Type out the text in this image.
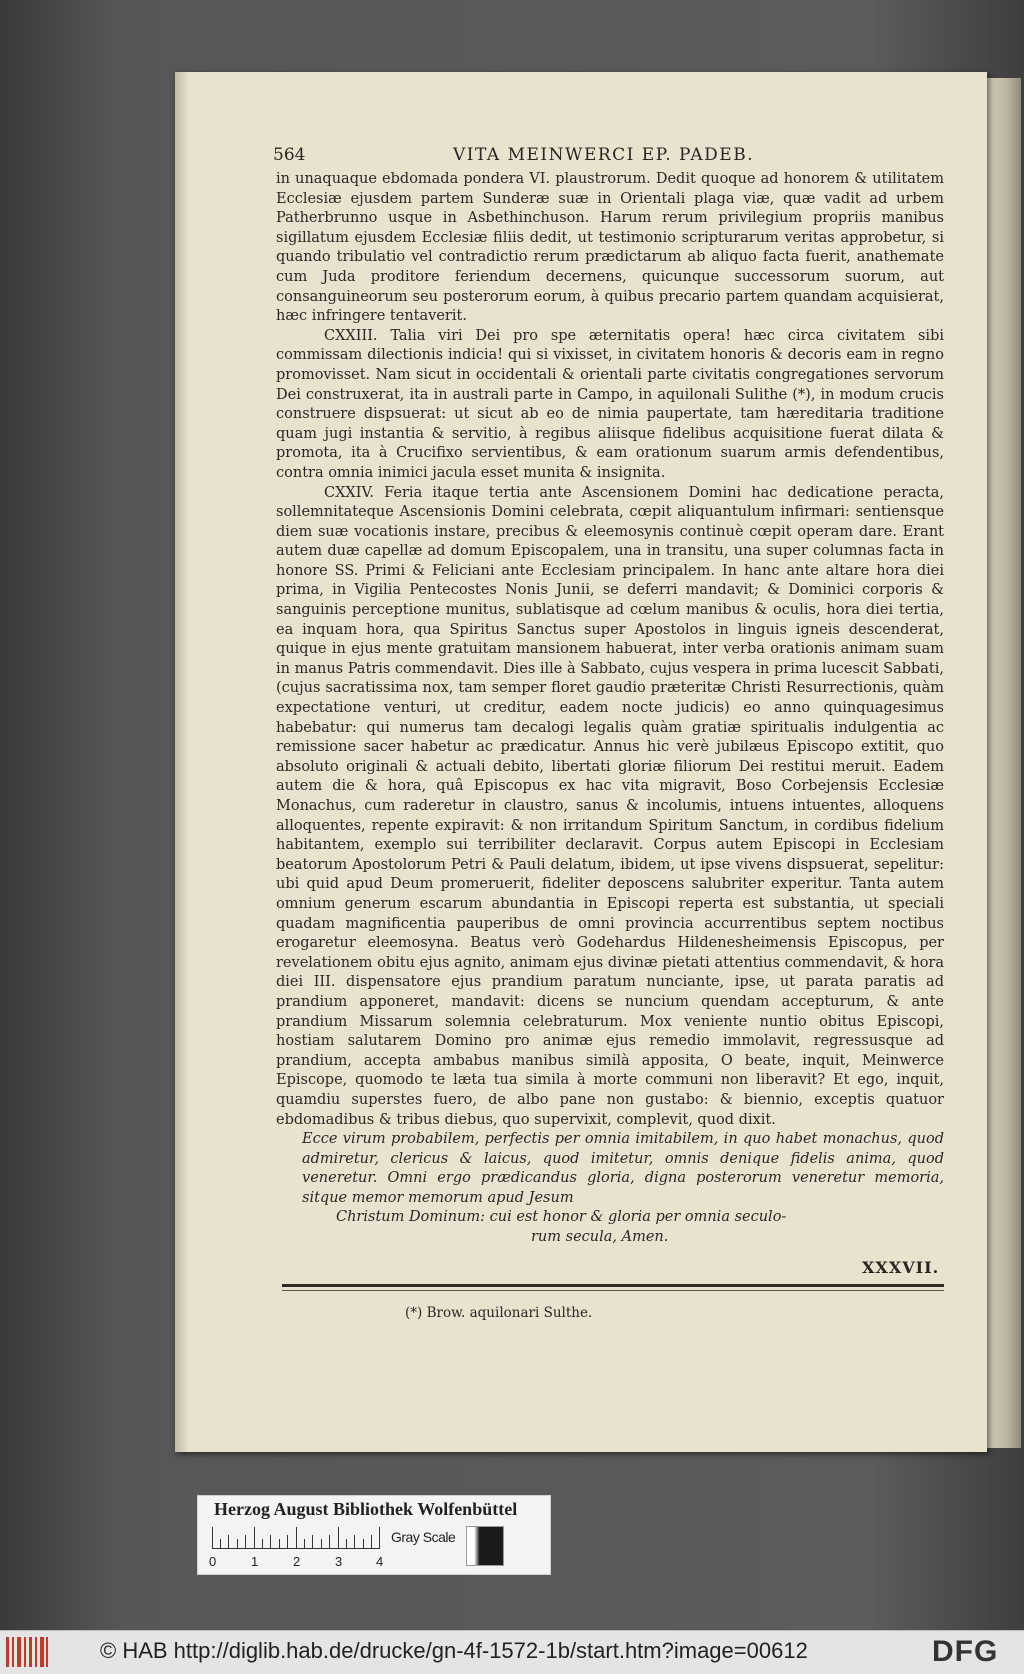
564	VITA MEINWERCI EP. PADEB.

in unaquaque ebdomada pondera VI. plaustrorum. Dedit quoque ad honorem & utilitatem Ecclesiæ ejusdem partem Sunderæ suæ in Orientali plaga viæ, quæ vadit ad urbem Patherbrunno usque in Asbethinchuson. Harum rerum privilegium propriis manibus sigillatum ejusdem Ecclesiæ filiis dedit, ut testimonio scripturarum veritas approbetur, si quando tribulatio vel contradictio rerum prædictarum ab aliquo facta fuerit, anathemate cum Juda proditore feriendum decernens, quicunque successorum suorum, aut consanguineorum seu posterorum eorum, à quibus precario partem quandam acquisierat, hæc infringere tentaverit.

CXXIII. Talia viri Dei pro spe æternitatis opera! hæc circa civitatem sibi commissam dilectionis indicia! qui si vixisset, in civitatem honoris & decoris eam in regno promovisset. Nam sicut in occidentali & orientali parte civitatis congregationes servorum Dei construxerat, ita in australi parte in Campo, in aquilonali Sulithe (*), in modum crucis construere dispsuerat: ut sicut ab eo de nimia paupertate, tam hæreditaria traditione quam jugi instantia & servitio, à regibus aliisque fidelibus acquisitione fuerat dilata & promota, ita à Crucifixo servientibus, & eam orationum suarum armis defendentibus, contra omnia inimici jacula esset munita & insignita.

CXXIV. Feria itaque tertia ante Ascensionem Domini hac dedicatione peracta, sollemnitateque Ascensionis Domini celebrata, cœpit aliquantulum infirmari: sentiensque diem suæ vocationis instare, precibus & eleemosynis continuè cœpit operam dare. Erant autem duæ capellæ ad domum Episcopalem, una in transitu, una super columnas facta in honore SS. Primi & Feliciani ante Ecclesiam principalem. In hanc ante altare hora diei prima, in Vigilia Pentecostes Nonis Junii, se deferri mandavit; & Dominici corporis & sanguinis perceptione munitus, sublatisque ad cœlum manibus & oculis, hora diei tertia, ea inquam hora, qua Spiritus Sanctus super Apostolos in linguis igneis descenderat, quique in ejus mente gratuitam mansionem habuerat, inter verba orationis animam suam in manus Patris commendavit. Dies ille à Sabbato, cujus vespera in prima lucescit Sabbati, (cujus sacratissima nox, tam semper floret gaudio præteritæ Christi Resurrectionis, quàm expectatione venturi, ut creditur, eadem nocte judicis) eo anno quinquagesimus habebatur: qui numerus tam decalogi legalis quàm gratiæ spiritualis indulgentia ac remissione sacer habetur ac prædicatur. Annus hic verè jubilæus Episcopo extitit, quo absoluto originali & actuali debito, libertati gloriæ filiorum Dei restitui meruit. Eadem autem die & hora, quâ Episcopus ex hac vita migravit, Boso Corbejensis Ecclesiæ Monachus, cum raderetur in claustro, sanus & incolumis, intuens intuentes, alloquens alloquentes, repente expiravit: & non irritandum Spiritum Sanctum, in cordibus fidelium habitantem, exemplo sui terribiliter declaravit. Corpus autem Episcopi in Ecclesiam beatorum Apostolorum Petri & Pauli delatum, ibidem, ut ipse vivens dispsuerat, sepelitur: ubi quid apud Deum promeruerit, fideliter deposcens salubriter experitur. Tanta autem omnium generum escarum abundantia in Episcopi reperta est substantia, ut speciali quadam magnificentia pauperibus de omni provincia accurrentibus septem noctibus erogaretur eleemosyna. Beatus verò Godehardus Hildenesheimensis Episcopus, per revelationem obitu ejus agnito, animam ejus divinæ pietati attentius commendavit, & hora diei III. dispensatore ejus prandium paratum nunciante, ipse, ut parata paratis ad prandium apponeret, mandavit: dicens se nuncium quendam accepturum, & ante prandium Missarum solemnia celebraturum. Mox veniente nuntio obitus Episcopi, hostiam salutarem Domino pro animæ ejus remedio immolavit, regressusque ad prandium, accepta ambabus manibus similà apposita, O beate, inquit, Meinwerce Episcope, quomodo te læta tua simila à morte communi non liberavit? Et ego, inquit, quamdiu superstes fuero, de albo pane non gustabo: & biennio, exceptis quatuor ebdomadibus & tribus diebus, quo supervixit, complevit, quod dixit.

Ecce virum probabilem, perfectis per omnia imitabilem, in quo habet monachus, quod admiretur, clericus & laicus, quod imitetur, omnis denique fidelis anima, quod veneretur. Omni ergo prædicandus gloria, digna posterorum veneretur memoria, sitque memor memorum apud Jesum

Christum Dominum: cui est honor & gloria per omnia seculo-

rum secula, Amen.

XXXVII.
(*) Brow. aquilonari Sulthe.
Herzog August Bibliothek Wolfenbüttel
0	1	2	3	4
Gray Scale
© HAB http://diglib.hab.de/drucke/gn-4f-1572-1b/start.htm?image=00612	DFG
